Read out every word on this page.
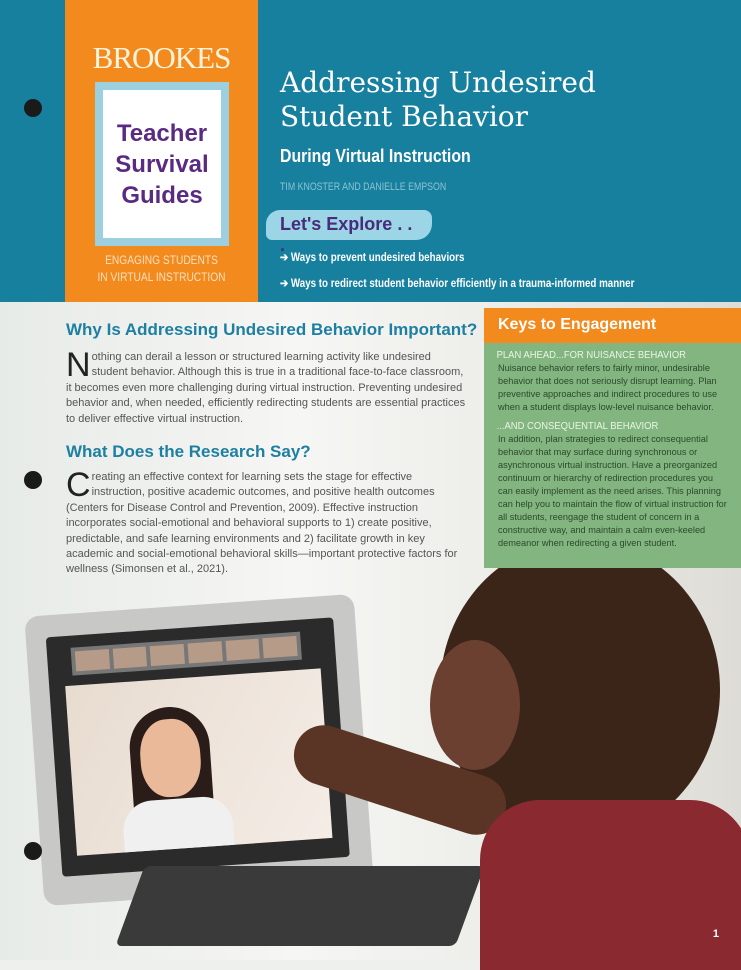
BROOKES
Teacher
Survival
Guides
ENGAGING STUDENTS
IN VIRTUAL INSTRUCTION
Addressing Undesired
Student Behavior
During Virtual Instruction
TIM KNOSTER AND DANIELLE EMPSON
Let's Explore . . .
➔ Ways to prevent undesired behaviors
➔ Ways to redirect student behavior efficiently in a trauma-informed manner
Why Is Addressing Undesired Behavior Important?
Nothing can derail a lesson or structured learning activity like undesired student behavior. Although this is true in a traditional face-to-face classroom, it becomes even more challenging during virtual instruction. Preventing undesired behavior and, when needed, efficiently redirecting students are essential practices to deliver effective virtual instruction.
What Does the Research Say?
Creating an effective context for learning sets the stage for effective instruction, positive academic outcomes, and positive health outcomes (Centers for Disease Control and Prevention, 2009). Effective instruction incorporates social-emotional and behavioral supports to 1) create positive, predictable, and safe learning environments and 2) facilitate growth in key academic and social-emotional behavioral skills—important protective factors for wellness (Simonsen et al., 2021).
Keys to Engagement
PLAN AHEAD...FOR NUISANCE BEHAVIOR
Nuisance behavior refers to fairly minor, undesirable behavior that does not seriously disrupt learning. Plan preventive approaches and indirect procedures to use when a student displays low-level nuisance behavior.
...AND CONSEQUENTIAL BEHAVIOR
In addition, plan strategies to redirect consequential behavior that may surface during synchronous or asynchronous virtual instruction. Have a preorganized continuum or hierarchy of redirection procedures you can easily implement as the need arises. This planning can help you to maintain the flow of virtual instruction for all students, reengage the student of concern in a constructive way, and maintain a calm even-keeled demeanor when redirecting a given student.
1
